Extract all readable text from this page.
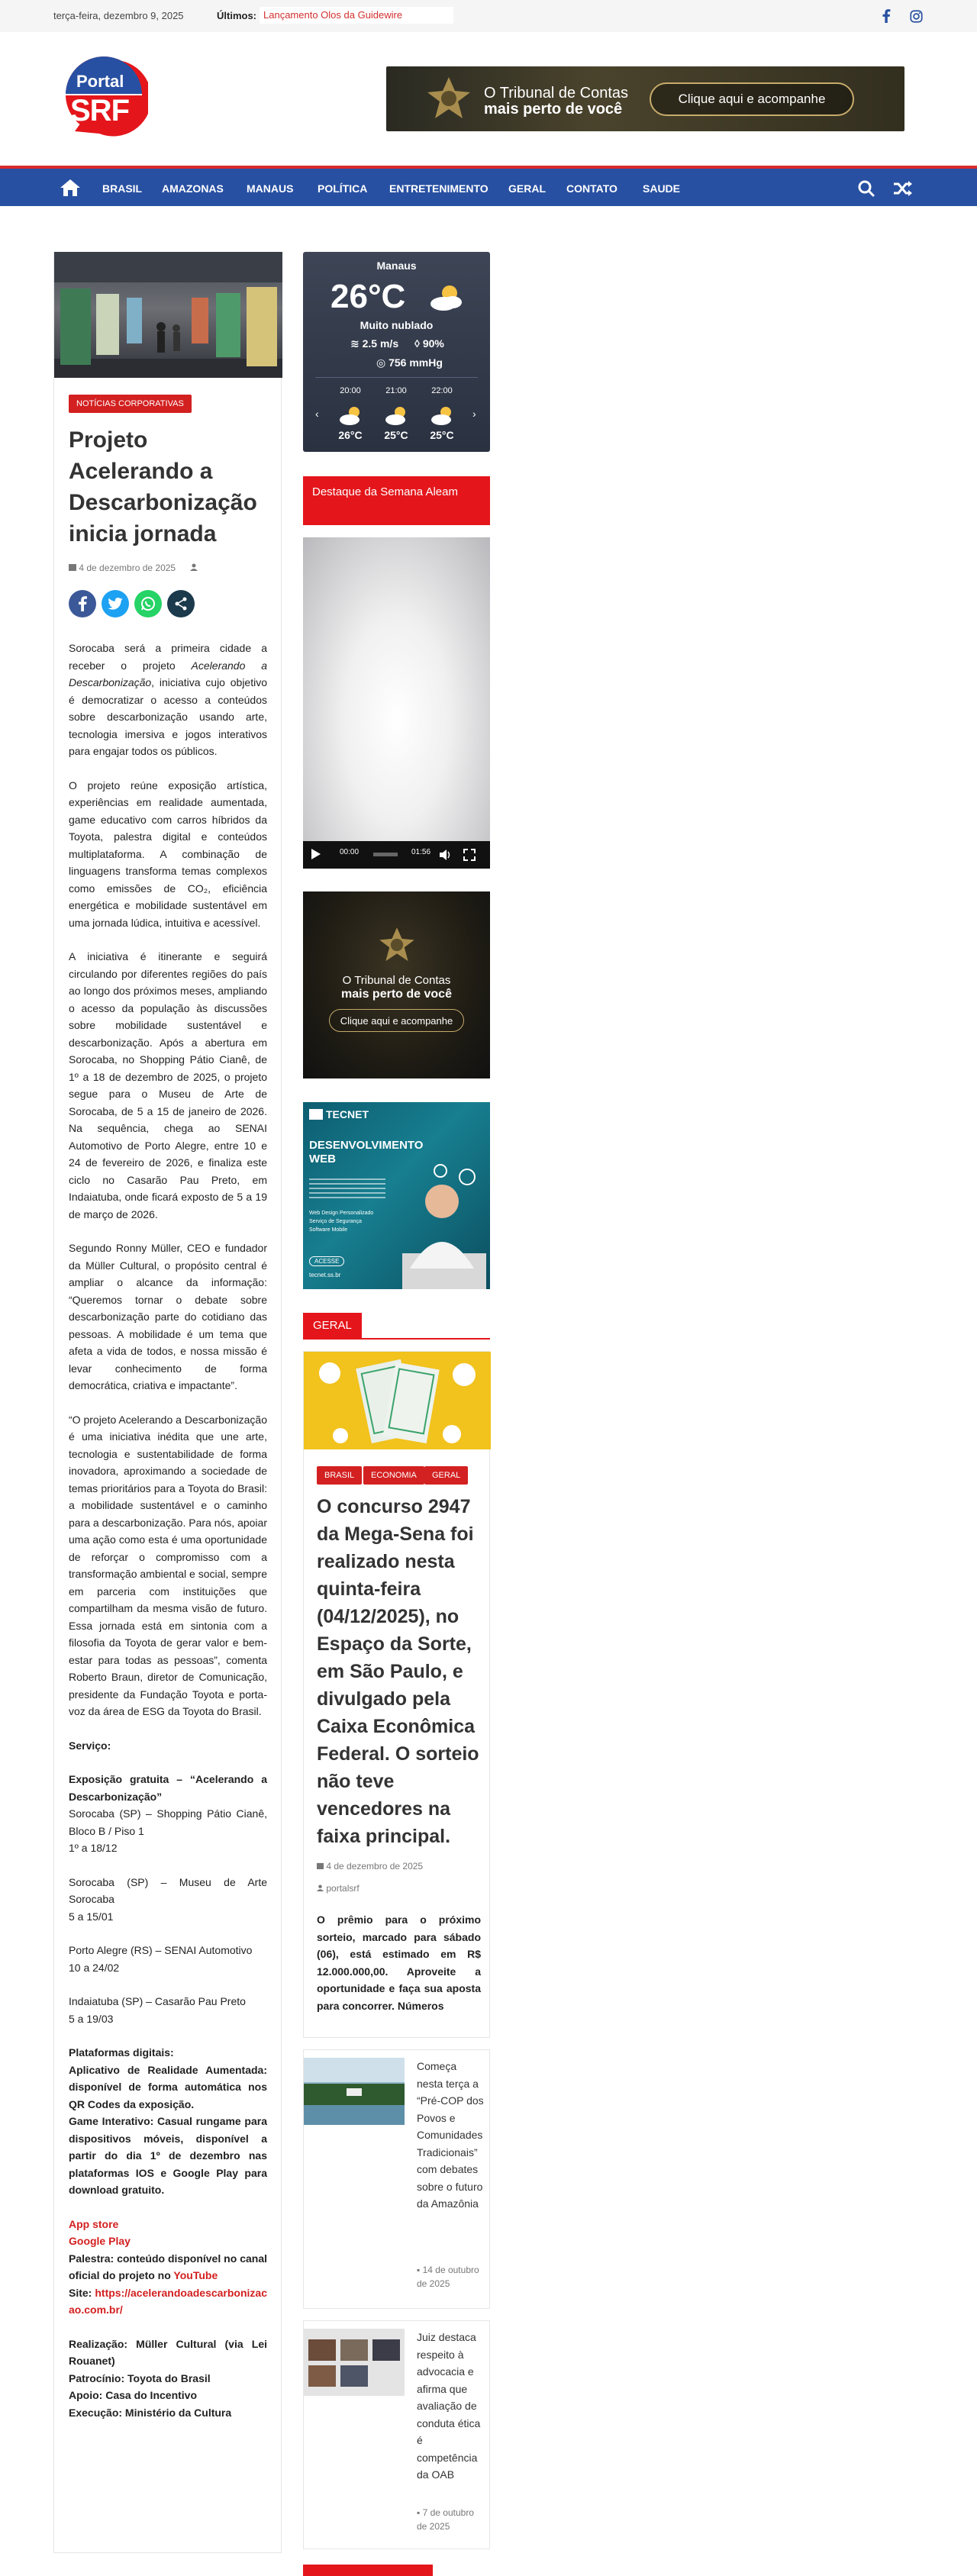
terça-feira, dezembro 9, 2025	Últimos: Lançamento Olos da Guidewire
Portal
SRF
O Tribunal de Contas
mais perto de você
Clique aqui e acompanhe
BRASIL AMAZONAS MANAUS POLÍTICA ENTRETENIMENTO GERAL CONTATO SAUDE
NOTÍCIAS CORPORATIVAS
Projeto Acelerando a Descarbonização inicia jornada
4 de dezembro de 2025

Sorocaba será a primeira cidade a receber o projeto Acelerando a Descarbonização, iniciativa cujo objetivo é democratizar o acesso a conteúdos sobre descarbonização usando arte, tecnologia imersiva e jogos interativos para engajar todos os públicos.

O projeto reúne exposição artística, experiências em realidade aumentada, game educativo com carros híbridos da Toyota, palestra digital e conteúdos multiplataforma. A combinação de linguagens transforma temas complexos como emissões de CO₂, eficiência energética e mobilidade sustentável em uma jornada lúdica, intuitiva e acessível.

A iniciativa é itinerante e seguirá circulando por diferentes regiões do país ao longo dos próximos meses, ampliando o acesso da população às discussões sobre mobilidade sustentável e descarbonização. Após a abertura em Sorocaba, no Shopping Pátio Cianê, de 1º a 18 de dezembro de 2025, o projeto segue para o Museu de Arte de Sorocaba, de 5 a 15 de janeiro de 2026. Na sequência, chega ao SENAI Automotivo de Porto Alegre, entre 10 e 24 de fevereiro de 2026, e finaliza este ciclo no Casarão Pau Preto, em Indaiatuba, onde ficará exposto de 5 a 19 de março de 2026.

Segundo Ronny Müller, CEO e fundador da Müller Cultural, o propósito central é ampliar o alcance da informação: “Queremos tornar o debate sobre descarbonização parte do cotidiano das pessoas. A mobilidade é um tema que afeta a vida de todos, e nossa missão é levar conhecimento de forma democrática, criativa e impactante”.

“O projeto Acelerando a Descarbonização é uma iniciativa inédita que une arte, tecnologia e sustentabilidade de forma inovadora, aproximando a sociedade de temas prioritários para a Toyota do Brasil: a mobilidade sustentável e o caminho para a descarbonização. Para nós, apoiar uma ação como esta é uma oportunidade de reforçar o compromisso com a transformação ambiental e social, sempre em parceria com instituições que compartilham da mesma visão de futuro. Essa jornada está em sintonia com a filosofia da Toyota de gerar valor e bem-estar para todas as pessoas”, comenta Roberto Braun, diretor de Comunicação, presidente da Fundação Toyota e porta-voz da área de ESG da Toyota do Brasil.

Serviço:

Exposição gratuita – “Acelerando a Descarbonização”
Sorocaba (SP) – Shopping Pátio Cianê, Bloco B / Piso 1
1º a 18/12

Sorocaba (SP) – Museu de Arte Sorocaba
5 a 15/01

Porto Alegre (RS) – SENAI Automotivo
10 a 24/02

Indaiatuba (SP) – Casarão Pau Preto
5 a 19/03

Plataformas digitais:
Aplicativo de Realidade Aumentada: disponível de forma automática nos QR Codes da exposição.
Game Interativo: Casual rungame para dispositivos móveis, disponível a partir do dia 1º de dezembro nas plataformas IOS e Google Play para download gratuito.

App store
Google Play
Palestra: conteúdo disponível no canal oficial do projeto no YouTube
Site: https://acelerandoadescarbonizacao.com.br/

Realização: Müller Cultural (via Lei Rouanet)
Patrocínio: Toyota do Brasil
Apoio: Casa do Incentivo
Execução: Ministério da Cultura

Manaus
26°C
Muito nublado
≋ 2.5 m/s ◊ 90%
◎ 756 mmHg
‹	›
20:00	21:00	22:00
26°C	25°C	25°C
Destaque da Semana Aleam
00:00	01:56
O Tribunal de Contas
mais perto de você
Clique aqui e acompanhe
TECNET
DESENVOLVIMENTO
WEB
Web Design Personalizado
Serviço de Segurança
Software Mobile
ACESSE
tecnet.ss.br
GERAL
BRASIL	ECONOMIA	GERAL
O concurso 2947 da Mega-Sena foi realizado nesta quinta-feira (04/12/2025), no Espaço da Sorte, em São Paulo, e divulgado pela Caixa Econômica Federal. O sorteio não teve vencedores na faixa principal.
4 de dezembro de 2025
portalsrf

O prêmio para o próximo sorteio, marcado para sábado (06), está estimado em R$ 12.000.000,00. Aproveite a oportunidade e faça sua aposta para concorrer. Números

Começa nesta terça a “Pré-COP dos Povos e Comunidades Tradicionais” com debates sobre o futuro da Amazônia
▪ 14 de outubro de 2025
Juiz destaca respeito à advocacia e afirma que avaliação de conduta ética é competência da OAB
▪ 7 de outubro de 2025
